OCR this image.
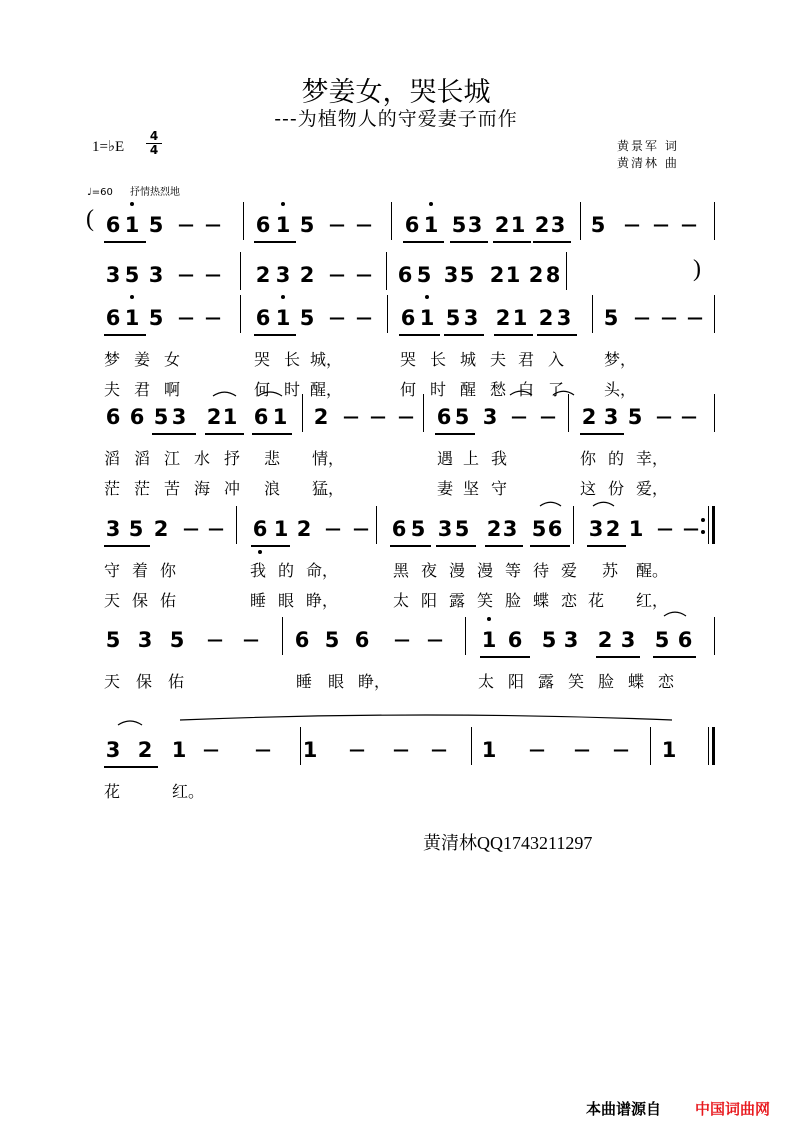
梦姜女，哭长城
---为植物人的守爱妻子而作
1=♭E
4
4	黄景军 词
黄清林 曲
♩=60 抒情热烈地
6 1 5 — — 6 1 5 — — 6 1 5 3 2 1 2 3 5 — — —
(
3 5 3 — — 2 3 2 — — 6 5 3 5 2 1 2 8	)
6 1 5 — — 6 1 5 — — 6 1 5 3 2 1 2 3 5 — — —
梦 姜 女	哭 长 城，	哭 长 城 夫 君 入 梦，
夫 君 啊	何 时 醒，	何 时 醒 愁 白 了 头，
6 6 5 3 2 1 6 1 2 — — — 6 5 3 — — 2 3 5 — —
滔 滔 江 水 抒 悲 情，	遇 上 我	你 的 幸，
茫 茫 苦 海 冲 浪 猛，	妻 坚 守	这 份 爱，
3 5 2 — — 6 1 2 — — 6 5 3 5 2 3 5 6 3 2 1 — —
守 着 你	我 的 命，	黑 夜 漫 漫 等 待 爱 苏 醒。
天 保 佑	睡 眼 睁，	太 阳 露 笑 脸 蝶 恋 花 红，
5 3 5 — — 6 5 6 — — 1 6 5 3 2 3 5 6
天 保 佑	睡 眼 睁，	太 阳 露 笑 脸 蝶 恋
3 2 1 — — 1 — — — 1 — — — 1
花	红。
黄清林QQ1743211297
本曲谱源自 中国词曲网
